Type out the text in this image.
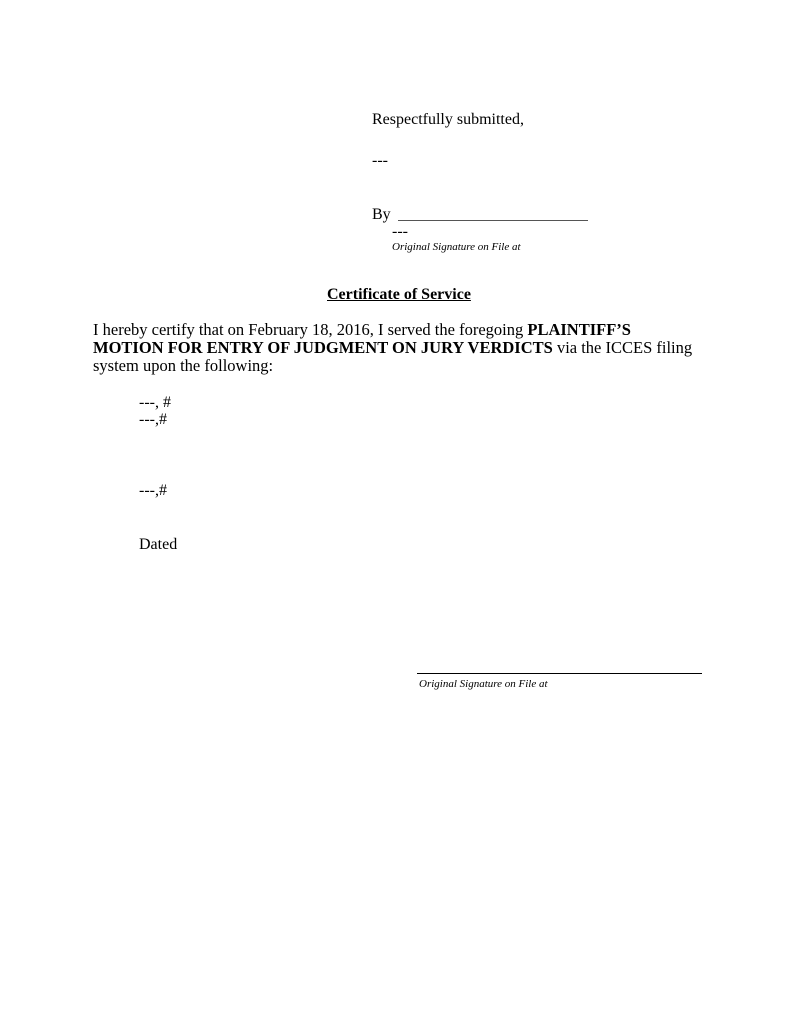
Respectfully submitted,
---
By
---
Original Signature on File at
Certificate of Service
I hereby certify that on February 18, 2016, I served the foregoing PLAINTIFF’S MOTION FOR ENTRY OF JUDGMENT ON JURY VERDICTS via the ICCES filing system upon the following:
---, #
---,#
---,#
Dated
Original Signature on File at
